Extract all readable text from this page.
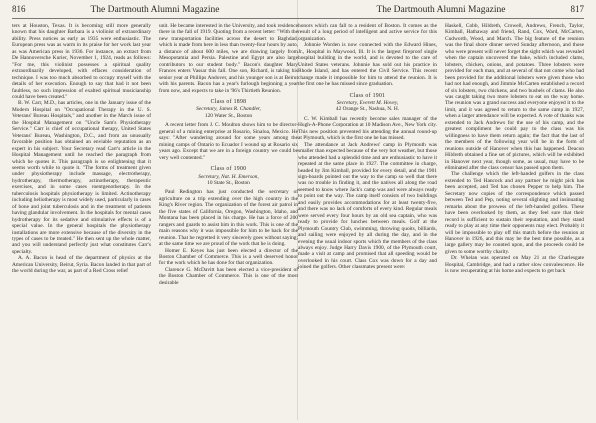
816	The Dartmouth Alumni Magazine

ters at Houston, Texas. It is becoming still more generally known that his daughter Barbara is a violinist of extraordinary ability. Press notices as early as 1935 were enthusiastic. The European press was as warm in its praise for her work last year as was American press in 1936. For instance, an extract from De Hannoversche Kurier, November 1, 1924, reads as follows: "For me, this violinist possesses a spiritual quality extraordinarily developed, with effaces consideration of technique. I was too much absorbed to occupy myself with the details of her execution. Enough to say that had it not been faultless, no such impression of exalted spiritual musicianship could have been created."

B. W. Carr, M.D., has articles, one in the January issue of the Modern Hospital on "Occupational Therapy in the U. S. Veterans' Bureau Hospitals," and another in the March issue of the Hospital Management on "Uncle Sam's Physiotherapy Service." Carr is chief of occupational therapy, United States Veterans' Bureau, Washington, D.C., and from an unusually favorable position has obtained an enviable reputation as an expert in his subject. Your Secretary read Carr's article in the Hospital Management until he reached the paragraph from which he quotes it. This paragraph is so enlightening that it seems worth while to quote it. "The forms of treatment given under physiotherapy include massage, electrotherapy, hydrotherapy, thermotherapy, actinotherapy, therapeutic exercises, and in some cases roentgenotherapy. In the tuberculosis hospitals physiotherapy is limited. Actinotherapy including heliotherapy is most widely used, particularly in cases of bone and joint tuberculosis and in the treatment of patients having glandular involvement. In the hospitals for mental cases hydrotherapy for its sedative and stimulative effects is of a special value. In the general hospitals the physiotherapy installations are more extensive because of the diversity in the types of cases to be treated." He then sent up the whole matter, and you will understand perfectly just what constitutes Carr's specialty.

A. A. Bacon is head of the department of physics at the American University, Beirut, Syria. Bacon landed in that part of the world during the war, as part of a Red Cross relief

unit. He became interested in the University, and took residence there in the fall of 1919. Quoting from a recent letter: "With the new transportation facilities across the desert to Baghdad, which is made from here in less than twenty-four hours by auto, a distance of about 600 miles, we are drawing largely from Mesopotamia and Persia. Palestine and Egypt are also large contributors to our student body." Bacon's daughter Mary Frances enters Vassar this fall. One son, Richard, is taking his senior year at Phillips Andover, and his younger son is at Beirut with his parents. Bacon has a year's furlough beginning a year from now, and expects to take in '96's Thirtieth Reunion.

Class of 1898
Secretary, James R. Chandler,
120 Water St., Boston

A recent letter from J. C. Moulton shows him to be director-general of a mining enterprise at Rosario, Sinaloa, Mexico. He says: "After wandering around for some years among the mining camps of Ontario to Ecuador I wound up at Rosario six years ago. Except that we are in a foreign country we could be very well contented."

Class of 1900
Secretary, Nat. H. Emerson,
10 State St., Boston

Paul Redington has just conducted the secretary of agriculture on a trip extending over the high country in the King's River region. The organization of the forest air patrol in the five states of California, Oregon, Washington, Idaho, and Montana has been placed in his charge. He has a force of 200 rangers and guards to assist him in this work. This is one of the main reasons why it was impossible for him to be back for the reunion. That he regretted it very sincerely goes without saying; at the same time we are proud of the work that he is doing.

Homer E. Keyes has just been elected a director of the Boston Chamber of Commerce. This is a well deserved honor for the work which he has done for that organization.

Clarence G. McDavitt has been elected a vice-president of the Boston Chamber of Commerce. This is one of the most desirable

The Dartmouth Alumni Magazine	817

honors which can fall to a resident of Boston. It comes as the result of a long period of intelligent and active service for this organization.

Johnnie Worden is now connected with the Edward Hines, Jr., Hospital in Maywood, Ill. It is the largest fireproof single hospital building in the world, and is devoted to the care of United States veterans. Johnnie has sold out his practice in Rhode Island, and has entered the Civil Service. This recent change made it impossible for him to attend the reunion. It is the first one he has missed since graduation.

Class of 1901
Secretary, Everett M. Hovey,
42 Orange St., Nashua, N. H.

C. W. Kimball has recently become sales manager of the Hugh-A-Phone Corporation at 10 Madison Ave., New York city. This new position prevented his attending the annual round-up at Plymouth, which is the first one he has missed.

The attendance at Jack Andrews' camp in Plymouth was smaller than expected because of the very hot weather, but those who attended had a splendid time and are enthusiastic to have it repeated at the same place in 1927. The committee in charge, headed by Jim Kimball, provided for every detail, and the 1901 sign-boards pointed out the way to the camp so well that there was no trouble in finding it, and the natives all along the road seemed to know where Jack's camp was and were always ready to point out the way. The camp itself consists of two buildings and easily provides accommodations for at least twenty-five, and there was no lack of comforts of every kind. Regular meals were served every four hours by an old sea captain, who was ready to provide for lunches between meals. Golf at the Plymouth Country Club, swimming, throwing quoits, billiards, and sailing were enjoyed by all during the day, and in the evening the usual indoor sports which the members of the class always enjoy. Judge Harry Davis 1900, of the Plymouth court, made a visit at camp and promised that all speeding would be overlooked in his court. Class Cox was down for a day and joined the golfers. Other classmates present were:

Haskell, Cobb, Hildreth, Crowell, Andrews, French, Taylor, Kimball, Hathaway and friend, Rand, Cox, Ward, McCarten, Cudworth, Wood, and March. The big feature of the reunion was the final shore dinner served Sunday afternoon, and those who were present will never forget the sight which was revealed when the captain uncovered the bake, which included clams, lobsters, chicken, onions, and potatoes. Three lobsters were provided for each man, and at several of that not come who had been provided for the additional lobsters were given those who had not had enough, and Jimmie McCarten established a record of six lobsters, two chickens, and two bushels of clams. He also was caught taking two more lobsters to eat on the way home. The reunion was a grand success and everyone enjoyed it to the limit, and it was agreed to return to the same camp in 1927, when a larger attendance will be expected. A vote of thanks was extended to Jack Andrews for the use of his camp, and the greatest compliment he could pay to the class was his willingness to have them return again; the fact that the last of the members of the following year will be in the form of reunions outside of Hanover when this has happened. Deacon Hildreth obtained a fine set of pictures, which will be exhibited in Hanover next year, though some, as usual, may have to be eliminated after the class censor has passed upon them.

The challenge which the left-handed golfers in the class extended to Ted Hancock and any partner he might pick has been accepted, and Ted has chosen Pepper to help him. The Secretary now copies of the correspondence which passed between Ted and Pep, noting several slighting and insinuating remarks about the prowess of the left-handed golfers. These have been overlooked by them, as they feel sure that their record is sufficient to sustain their reputation, and they stand ready to play at any time their opponents may elect. Probably it will be impossible to play off this match before the reunion at Hanover in 1926, and this may be the best time possible, as a large gallery may be counted upon, and the proceeds could be given to some worthy charity.

Dr. Whelan was operated on May 21 at the Charlesgate Hospital, Cambridge, and had a rather slow convalescence. He is now recuperating at his home and expects to get back
